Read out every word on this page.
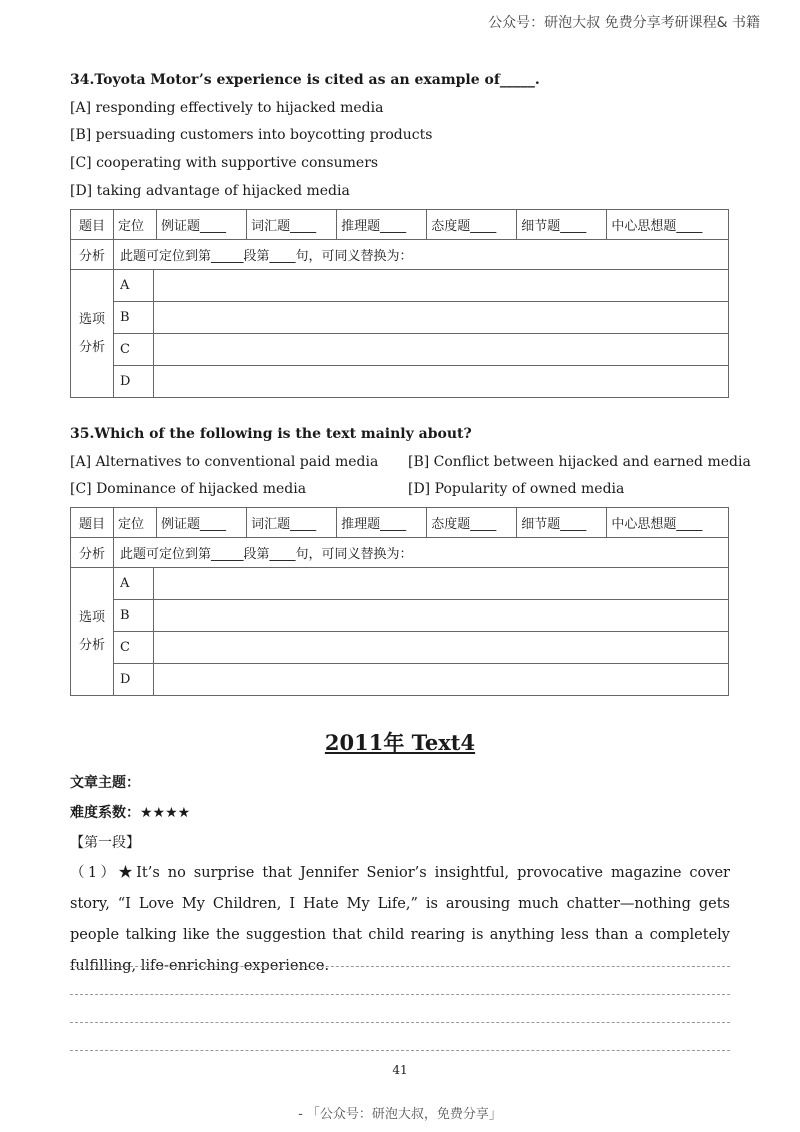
公众号：研泡大叔 免费分享考研课程& 书籍
34.Toyota Motor’s experience is cited as an example of_____.
[A] responding effectively to hijacked media
[B] persuading customers into boycotting products
[C] cooperating with supportive consumers
[D] taking advantage of hijacked media
题目	定位	例证题____	词汇题____	推理题____	态度题____	细节题____	中心思想题____

分析	此题可定位到第_____段第____句，可同义替换为：
选项
分析	A	
B	
C	
D	
35.Which of the following is the text mainly about?
[A] Alternatives to conventional paid media [B] Conflict between hijacked and earned media
[C] Dominance of hijacked media	[D] Popularity of owned media
题目	定位	例证题____	词汇题____	推理题____	态度题____	细节题____	中心思想题____

分析	此题可定位到第_____段第____句，可同义替换为：
选项
分析	A	
B	
C	
D	
2011年 Text4
文章主题：
难度系数：★★★★
【第一段】
（1）★It’s no surprise that Jennifer Senior’s insightful, provocative magazine cover story, “I Love My Children, I Hate My Life,” is arousing much chatter—nothing gets people talking like the suggestion that child rearing is anything less than a completely fulfilling, life-enriching experience.
41
- 「公众号：研泡大叔，免费分享」
